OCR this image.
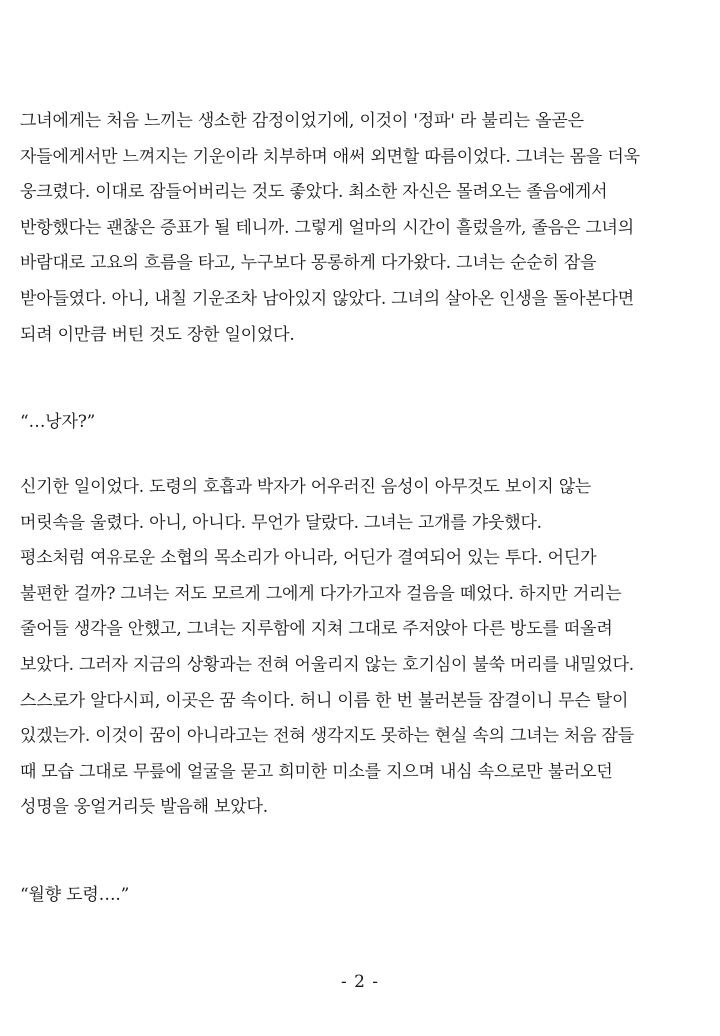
그녀에게는 처음 느끼는 생소한 감정이었기에, 이것이 '정파' 라 불리는 올곧은
자들에게서만 느껴지는 기운이라 치부하며 애써 외면할 따름이었다. 그녀는 몸을 더욱
웅크렸다. 이대로 잠들어버리는 것도 좋았다. 최소한 자신은 몰려오는 졸음에게서
반항했다는 괜찮은 증표가 될 테니까. 그렇게 얼마의 시간이 흘렀을까, 졸음은 그녀의
바람대로 고요의 흐름을 타고, 누구보다 몽롱하게 다가왔다. 그녀는 순순히 잠을
받아들였다. 아니, 내칠 기운조차 남아있지 않았다. 그녀의 살아온 인생을 돌아본다면
되려 이만큼 버틴 것도 장한 일이었다.
“…낭자?”
신기한 일이었다. 도령의 호흡과 박자가 어우러진 음성이 아무것도 보이지 않는
머릿속을 울렸다. 아니, 아니다. 무언가 달랐다. 그녀는 고개를 갸웃했다.
평소처럼 여유로운 소협의 목소리가 아니라, 어딘가 결여되어 있는 투다. 어딘가
불편한 걸까? 그녀는 저도 모르게 그에게 다가가고자 걸음을 떼었다. 하지만 거리는
줄어들 생각을 안했고, 그녀는 지루함에 지쳐 그대로 주저앉아 다른 방도를 떠올려
보았다. 그러자 지금의 상황과는 전혀 어울리지 않는 호기심이 불쑥 머리를 내밀었다.
스스로가 알다시피, 이곳은 꿈 속이다. 허니 이름 한 번 불러본들 잠결이니 무슨 탈이
있겠는가. 이것이 꿈이 아니라고는 전혀 생각지도 못하는 현실 속의 그녀는 처음 잠들
때 모습 그대로 무릎에 얼굴을 묻고 희미한 미소를 지으며 내심 속으로만 불러오던
성명을 웅얼거리듯 발음해 보았다.
“월향 도령….”
- 2 -
